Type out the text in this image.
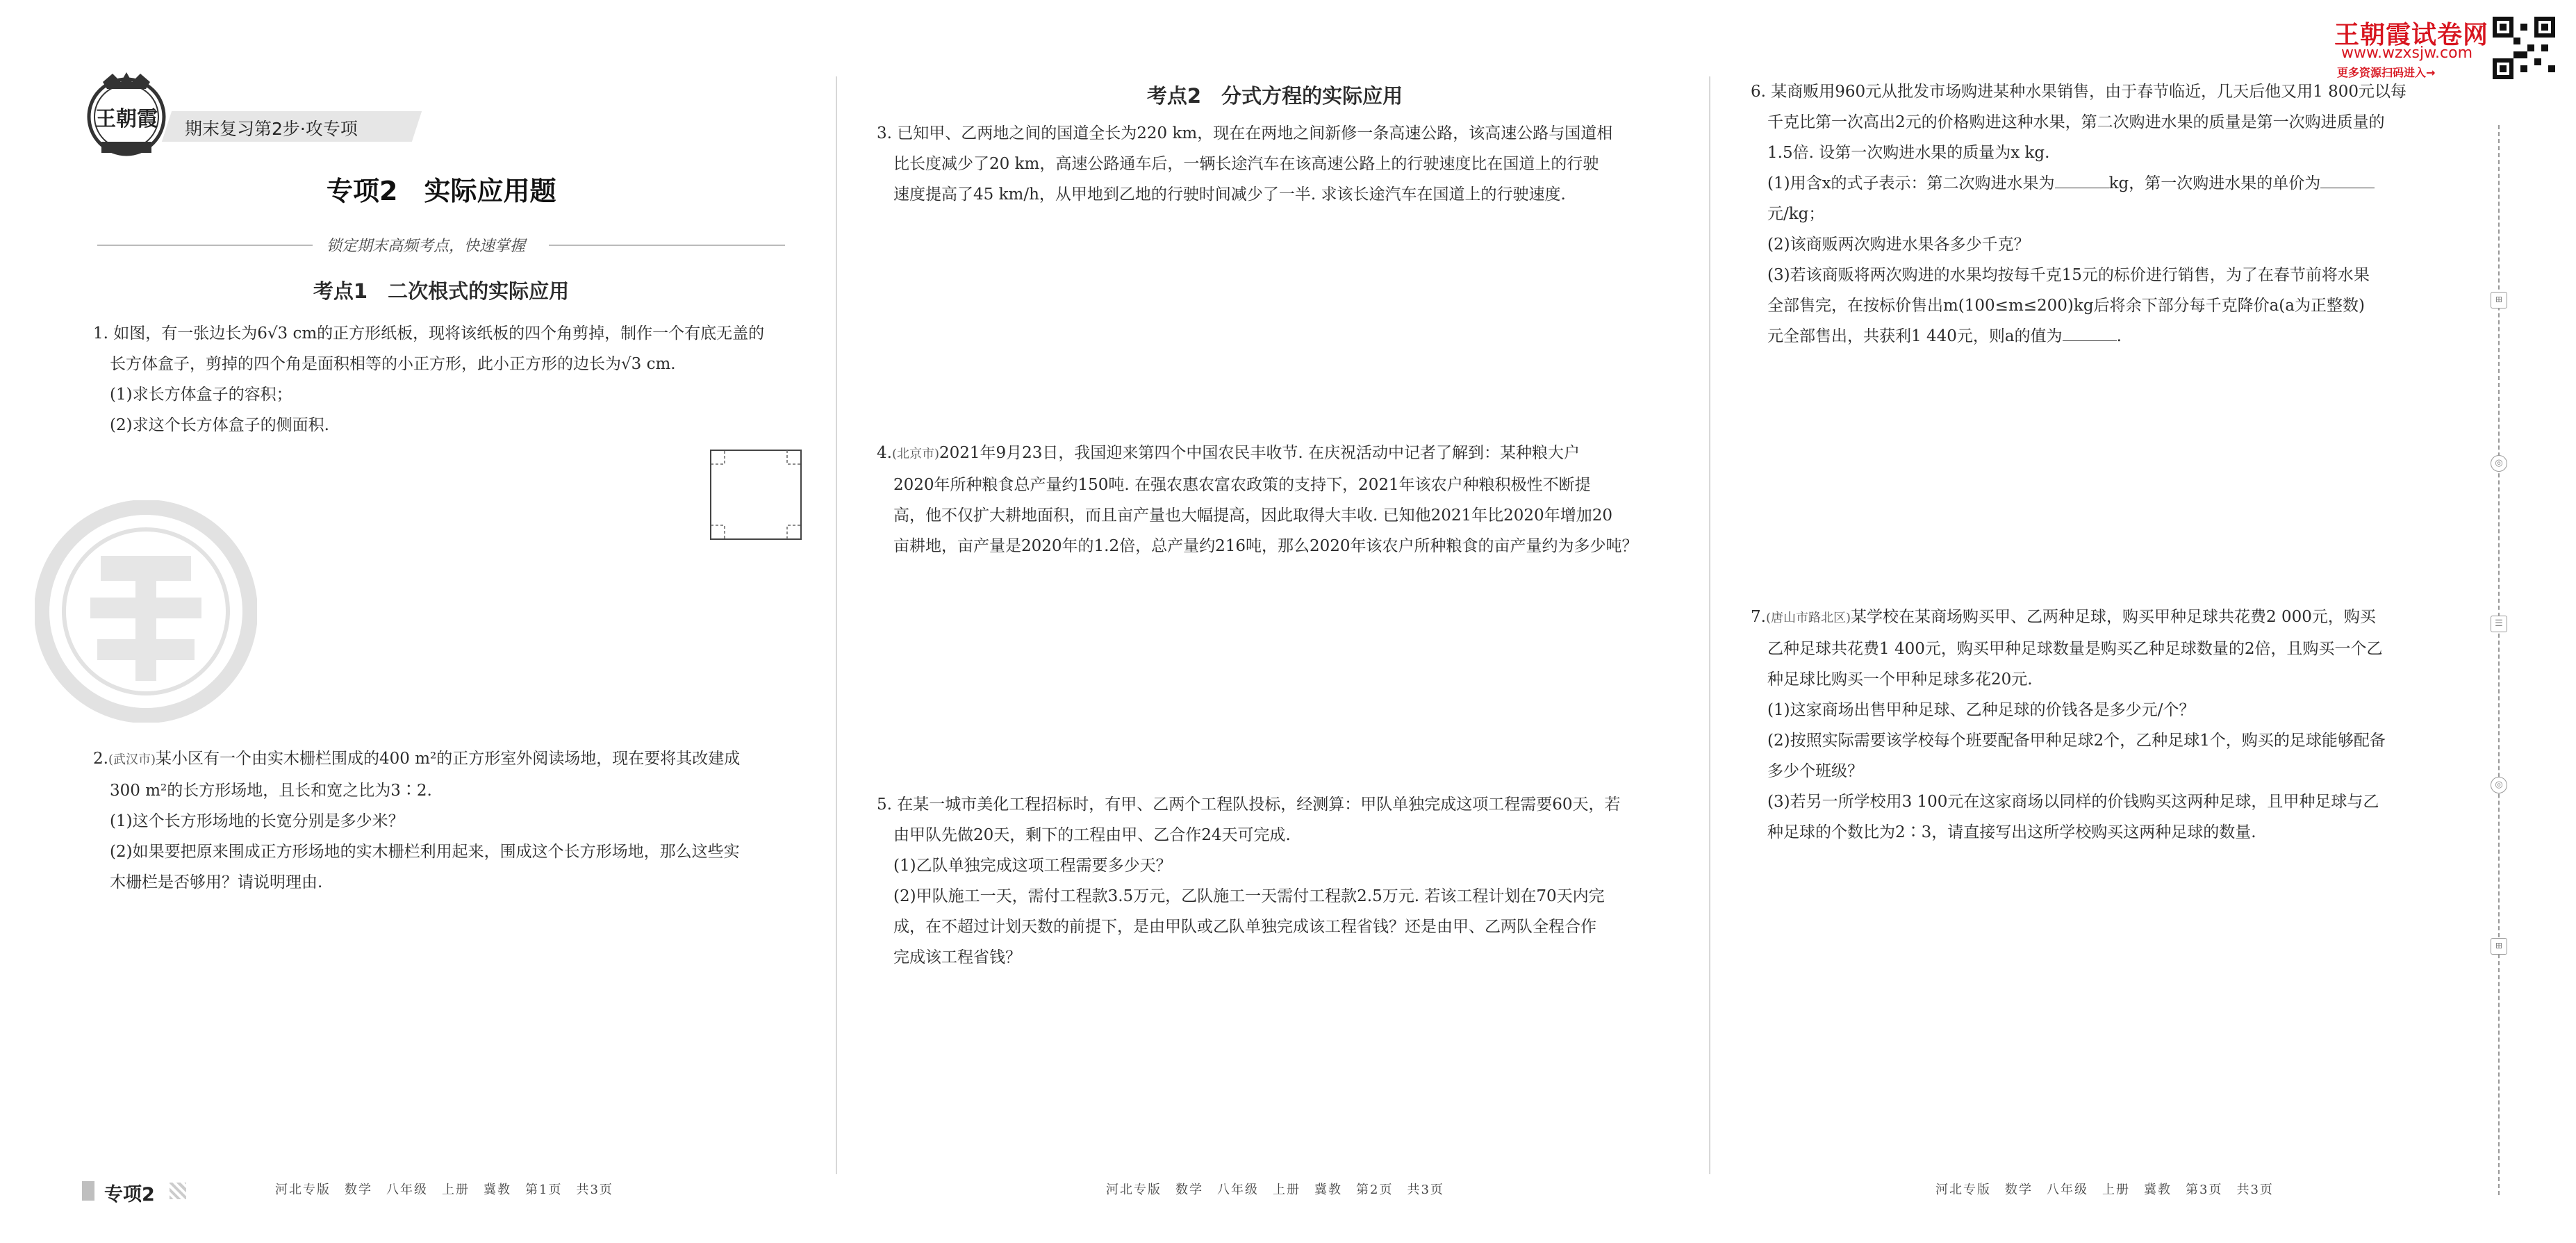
王朝霞 期末复习第2步·攻专项
专项2　实际应用题
锁定期末高频考点，快速掌握
考点1　二次根式的实际应用

1. 如图，有一张边长为6√3 cm的正方形纸板，现将该纸板的四个角剪掉，制作一个有底无盖的

长方体盒子，剪掉的四个角是面积相等的小正方形，此小正方形的边长为√3 cm.

(1)求长方体盒子的容积；

(2)求这个长方体盒子的侧面积.

2.(武汉市)某小区有一个由实木栅栏围成的400 m²的正方形室外阅读场地，现在要将其改建成

300 m²的长方形场地，且长和宽之比为3∶2.

(1)这个长方形场地的长宽分别是多少米？

(2)如果要把原来围成正方形场地的实木栅栏利用起来，围成这个长方形场地，那么这些实

木栅栏是否够用？请说明理由.

考点2　分式方程的实际应用

3. 已知甲、乙两地之间的国道全长为220 km，现在在两地之间新修一条高速公路，该高速公路与国道相

比长度减少了20 km，高速公路通车后，一辆长途汽车在该高速公路上的行驶速度比在国道上的行驶

速度提高了45 km/h，从甲地到乙地的行驶时间减少了一半. 求该长途汽车在国道上的行驶速度.

4.(北京市)2021年9月23日，我国迎来第四个中国农民丰收节. 在庆祝活动中记者了解到：某种粮大户

2020年所种粮食总产量约150吨. 在强农惠农富农政策的支持下，2021年该农户种粮积极性不断提

高，他不仅扩大耕地面积，而且亩产量也大幅提高，因此取得大丰收. 已知他2021年比2020年增加20

亩耕地，亩产量是2020年的1.2倍，总产量约216吨，那么2020年该农户所种粮食的亩产量约为多少吨？

5. 在某一城市美化工程招标时，有甲、乙两个工程队投标，经测算：甲队单独完成这项工程需要60天，若

由甲队先做20天，剩下的工程由甲、乙合作24天可完成.

(1)乙队单独完成这项工程需要多少天？

(2)甲队施工一天，需付工程款3.5万元，乙队施工一天需付工程款2.5万元. 若该工程计划在70天内完

成，在不超过计划天数的前提下，是由甲队或乙队单独完成该工程省钱？还是由甲、乙两队全程合作

完成该工程省钱？

6. 某商贩用960元从批发市场购进某种水果销售，由于春节临近，几天后他又用1 800元以每

千克比第一次高出2元的价格购进这种水果，第二次购进水果的质量是第一次购进质量的

1.5倍. 设第一次购进水果的质量为x kg.

(1)用含x的式子表示：第二次购进水果为	kg，第一次购进水果的单价为

元/kg；

(2)该商贩两次购进水果各多少千克？

(3)若该商贩将两次购进的水果均按每千克15元的标价进行销售，为了在春节前将水果

全部售完，在按标价售出m(100≤m≤200)kg后将余下部分每千克降价a(a为正整数)

元全部售出，共获利1 440元，则a的值为	.

7.(唐山市路北区)某学校在某商场购买甲、乙两种足球，购买甲种足球共花费2 000元，购买

乙种足球共花费1 400元，购买甲种足球数量是购买乙种足球数量的2倍，且购买一个乙

种足球比购买一个甲种足球多花20元.

(1)这家商场出售甲种足球、乙种足球的价钱各是多少元/个？

(2)按照实际需要该学校每个班要配备甲种足球2个，乙种足球1个，购买的足球能够配备

多少个班级？

(3)若另一所学校用3 100元在这家商场以同样的价钱购买这两种足球，且甲种足球与乙

种足球的个数比为2∶3，请直接写出这所学校购买这两种足球的数量.

王朝霞试卷网
www.wzxsjw.com
更多资源扫码进入→
⊞
◎
☰
◎
⊞
专项2	河北专版　数学　八年级　上册　冀教　第1页　共3页	河北专版　数学　八年级　上册　冀教　第2页　共3页	河北专版　数学　八年级　上册　冀教　第3页　共3页
